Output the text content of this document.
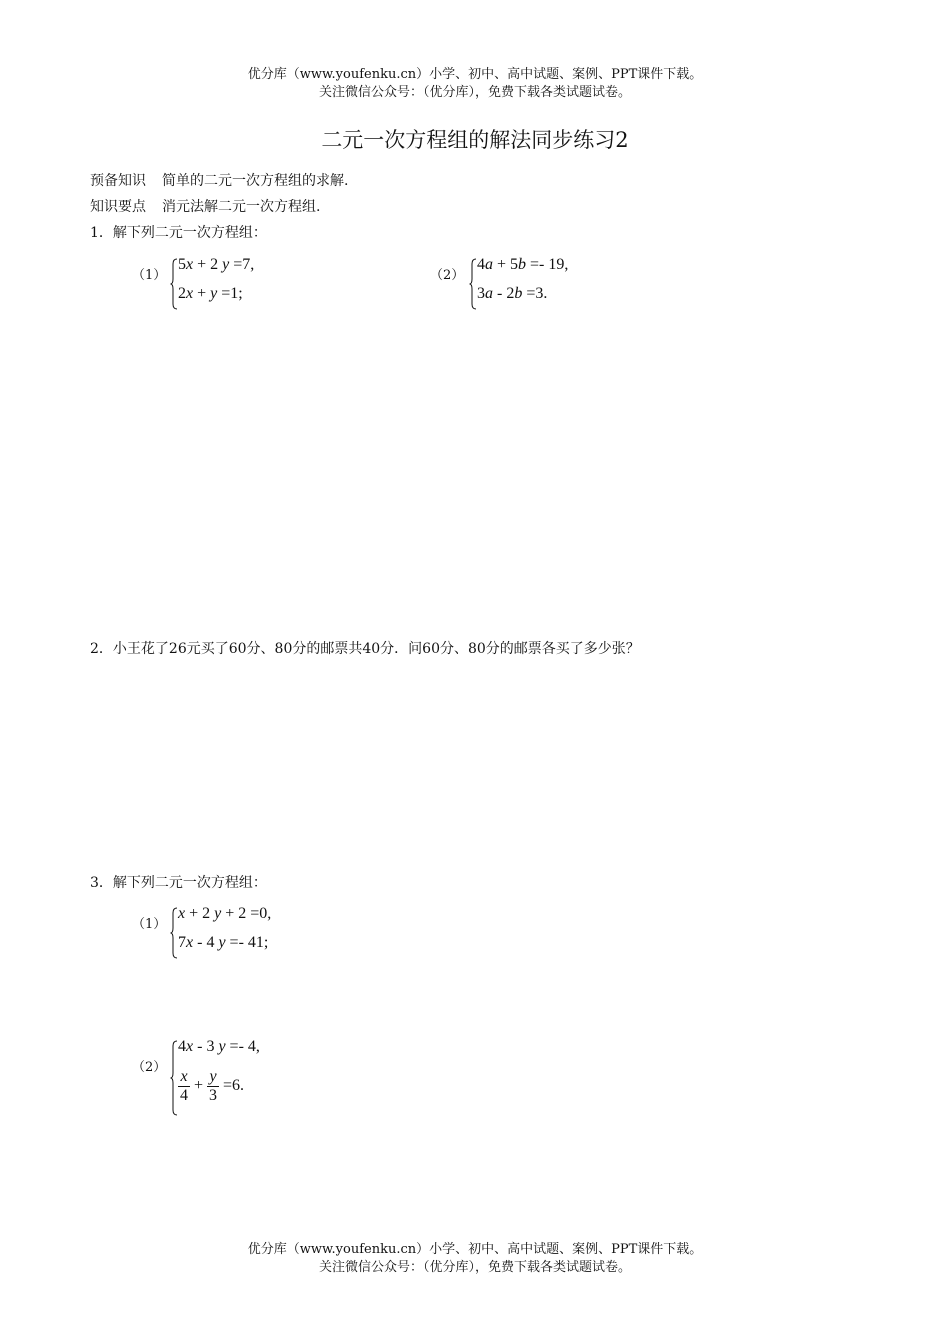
优分库（www.youfenku.cn）小学、初中、高中试题、案例、PPT课件下载。
关注微信公众号：（优分库），免费下载各类试题试卷。
二元一次方程组的解法同步练习2
预备知识 简单的二元一次方程组的求解.
知识要点 消元法解二元一次方程组.
1．解下列二元一次方程组：
（1）
5x + 2 y =7,
2x + y =1;
（2）
4a + 5b =- 19,
3a - 2b =3.
2．小王花了26元买了60分、80分的邮票共40分．问60分、80分的邮票各买了多少张？
3．解下列二元一次方程组：
（1）
x + 2 y + 2 =0,
7x - 4 y =- 41;
（2）
4x - 3 y =- 4,
$\frac{x}{4} + \frac{y}{3} =6$.
优分库（www.youfenku.cn）小学、初中、高中试题、案例、PPT课件下载。
关注微信公众号：（优分库），免费下载各类试题试卷。
